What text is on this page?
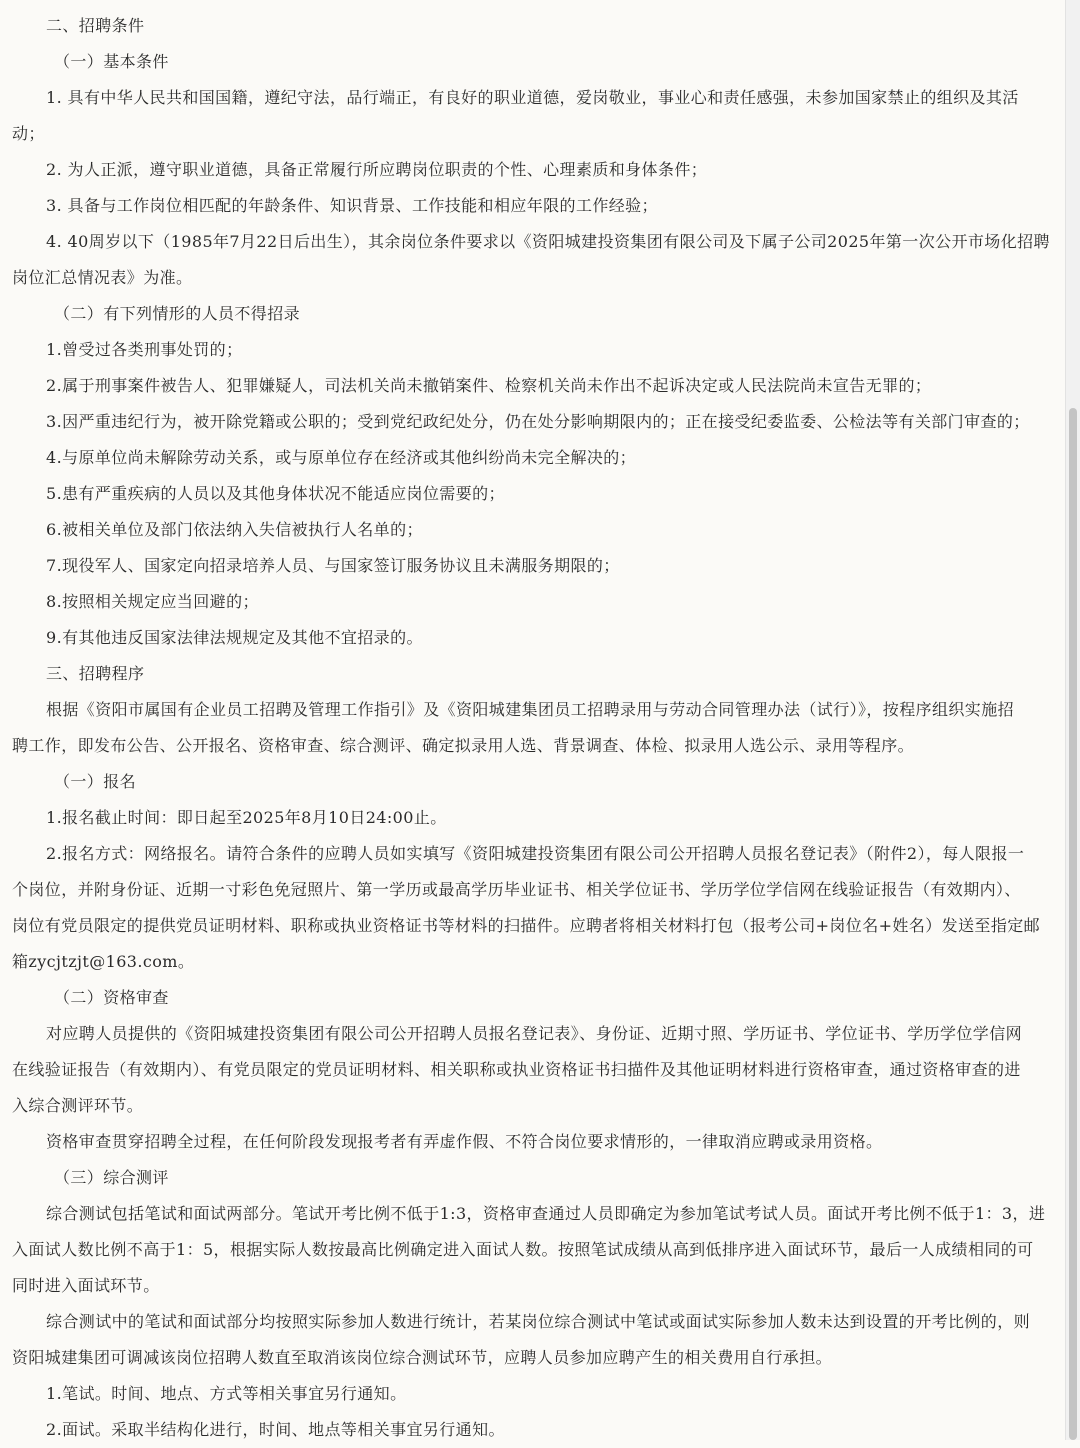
二、招聘条件
（一）基本条件
1. 具有中华人民共和国国籍，遵纪守法，品行端正，有良好的职业道德，爱岗敬业，事业心和责任感强，未参加国家禁止的组织及其活
动；
2. 为人正派，遵守职业道德，具备正常履行所应聘岗位职责的个性、心理素质和身体条件；
3. 具备与工作岗位相匹配的年龄条件、知识背景、工作技能和相应年限的工作经验；
4. 40周岁以下（1985年7月22日后出生），其余岗位条件要求以《资阳城建投资集团有限公司及下属子公司2025年第一次公开市场化招聘
岗位汇总情况表》为准。
（二）有下列情形的人员不得招录
1.曾受过各类刑事处罚的；
2.属于刑事案件被告人、犯罪嫌疑人，司法机关尚未撤销案件、检察机关尚未作出不起诉决定或人民法院尚未宣告无罪的；
3.因严重违纪行为，被开除党籍或公职的；受到党纪政纪处分，仍在处分影响期限内的；正在接受纪委监委、公检法等有关部门审查的；
4.与原单位尚未解除劳动关系，或与原单位存在经济或其他纠纷尚未完全解决的；
5.患有严重疾病的人员以及其他身体状况不能适应岗位需要的；
6.被相关单位及部门依法纳入失信被执行人名单的；
7.现役军人、国家定向招录培养人员、与国家签订服务协议且未满服务期限的；
8.按照相关规定应当回避的；
9.有其他违反国家法律法规规定及其他不宜招录的。
三、招聘程序
根据《资阳市属国有企业员工招聘及管理工作指引》及《资阳城建集团员工招聘录用与劳动合同管理办法（试行）》，按程序组织实施招
聘工作，即发布公告、公开报名、资格审查、综合测评、确定拟录用人选、背景调查、体检、拟录用人选公示、录用等程序。
（一）报名
1.报名截止时间：即日起至2025年8月10日24:00止。
2.报名方式：网络报名。请符合条件的应聘人员如实填写《资阳城建投资集团有限公司公开招聘人员报名登记表》（附件2），每人限报一
个岗位，并附身份证、近期一寸彩色免冠照片、第一学历或最高学历毕业证书、相关学位证书、学历学位学信网在线验证报告（有效期内）、
岗位有党员限定的提供党员证明材料、职称或执业资格证书等材料的扫描件。应聘者将相关材料打包（报考公司+岗位名+姓名）发送至指定邮
箱zycjtzjt@163.com。
（二）资格审查
对应聘人员提供的《资阳城建投资集团有限公司公开招聘人员报名登记表》、身份证、近期寸照、学历证书、学位证书、学历学位学信网
在线验证报告（有效期内）、有党员限定的党员证明材料、相关职称或执业资格证书扫描件及其他证明材料进行资格审查，通过资格审查的进
入综合测评环节。
资格审查贯穿招聘全过程，在任何阶段发现报考者有弄虚作假、不符合岗位要求情形的，一律取消应聘或录用资格。
（三）综合测评
综合测试包括笔试和面试两部分。笔试开考比例不低于1:3，资格审查通过人员即确定为参加笔试考试人员。面试开考比例不低于1：3，进
入面试人数比例不高于1：5，根据实际人数按最高比例确定进入面试人数。按照笔试成绩从高到低排序进入面试环节，最后一人成绩相同的可
同时进入面试环节。
综合测试中的笔试和面试部分均按照实际参加人数进行统计，若某岗位综合测试中笔试或面试实际参加人数未达到设置的开考比例的，则
资阳城建集团可调减该岗位招聘人数直至取消该岗位综合测试环节，应聘人员参加应聘产生的相关费用自行承担。
1.笔试。时间、地点、方式等相关事宜另行通知。
2.面试。采取半结构化进行，时间、地点等相关事宜另行通知。
